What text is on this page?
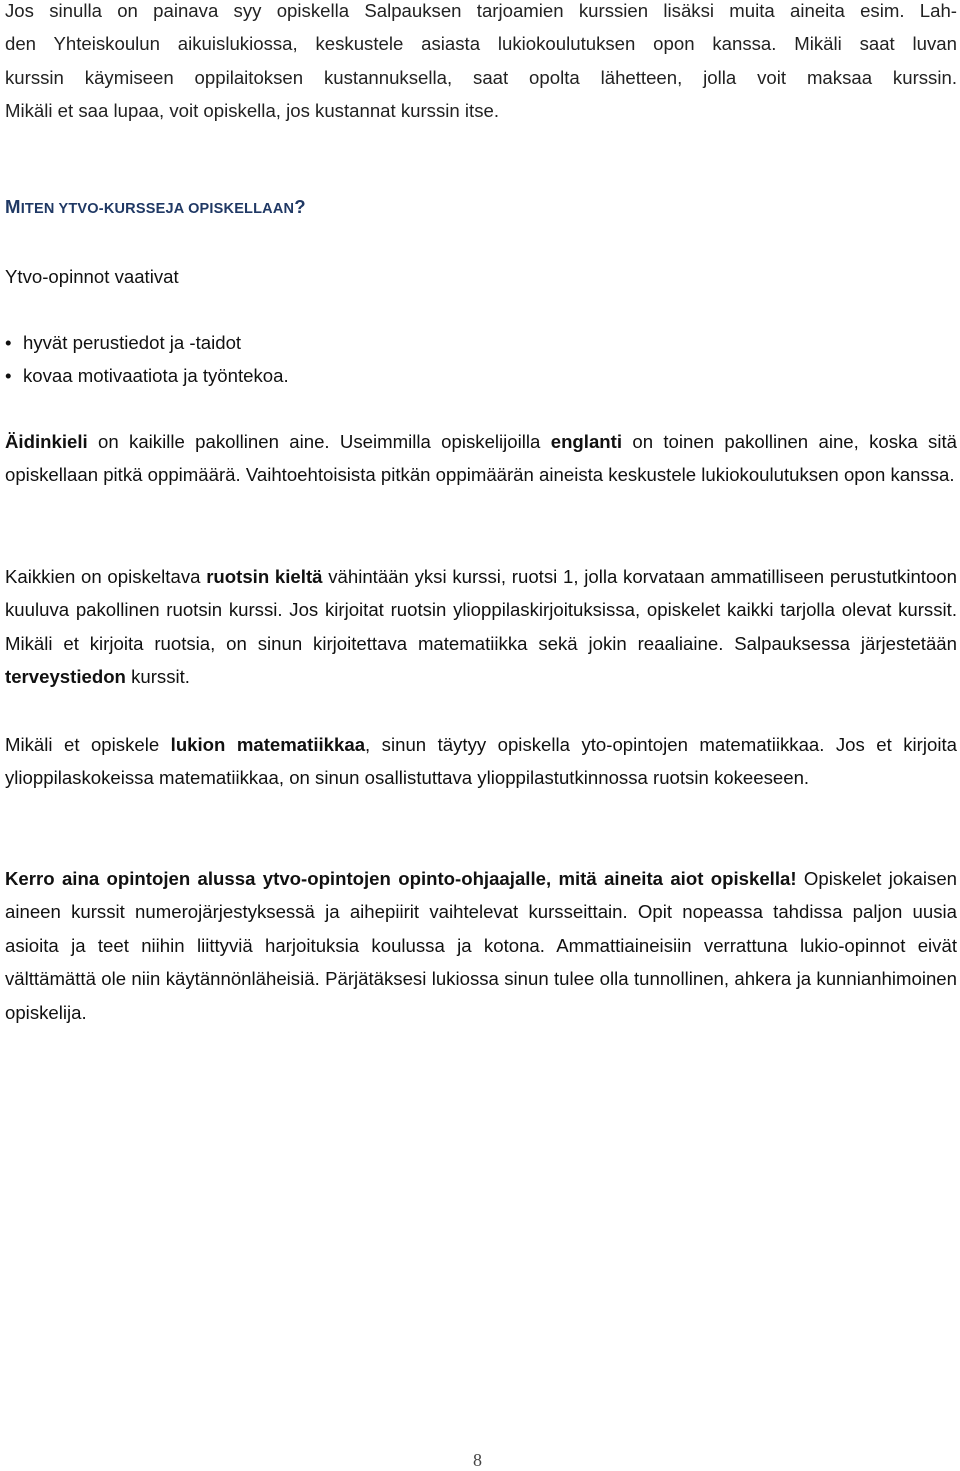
Jos sinulla on painava syy opiskella Salpauksen tarjoamien kurssien lisäksi muita aineita esim. Lah-

den Yhteiskoulun aikuislukiossa, keskustele asiasta lukiokoulutuksen opon kanssa. Mikäli saat luvan

kurssin käymiseen oppilaitoksen kustannuksella, saat opolta lähetteen, jolla voit maksaa kurssin.

Mikäli et saa lupaa, voit opiskella, jos kustannat kurssin itse.

MITEN YTVO-KURSSEJA OPISKELLAAN?

Ytvo-opinnot vaativat

• hyvät perustiedot ja -taidot
• kovaa motivaatiota ja työntekoa.

Äidinkieli on kaikille pakollinen aine. Useimmilla opiskelijoilla englanti on toinen pakollinen aine, koska sitä opiskellaan pitkä oppimäärä. Vaihtoehtoisista pitkän oppimäärän aineista keskustele lukiokoulutuksen opon kanssa.

Kaikkien on opiskeltava ruotsin kieltä vähintään yksi kurssi, ruotsi 1, jolla korvataan ammatilliseen perustutkintoon kuuluva pakollinen ruotsin kurssi. Jos kirjoitat ruotsin ylioppilaskirjoituksissa, opiskelet kaikki tarjolla olevat kurssit. Mikäli et kirjoita ruotsia, on sinun kirjoitettava matematiikka sekä jokin reaaliaine. Salpauksessa järjestetään terveystiedon kurssit.

Mikäli et opiskele lukion matematiikkaa, sinun täytyy opiskella yto-opintojen matematiikkaa. Jos et kirjoita ylioppilaskokeissa matematiikkaa, on sinun osallistuttava ylioppilastutkinnossa ruotsin kokeeseen.

Kerro aina opintojen alussa ytvo-opintojen opinto-ohjaajalle, mitä aineita aiot opiskella! Opiskelet jokaisen aineen kurssit numerojärjestyksessä ja aihepiirit vaihtelevat kursseittain. Opit nopeassa tahdissa paljon uusia asioita ja teet niihin liittyviä harjoituksia koulussa ja kotona. Ammattiaineisiin verrattuna lukio-opinnot eivät välttämättä ole niin käytännönläheisiä. Pärjätäksesi lukiossa sinun tulee olla tunnollinen, ahkera ja kunnianhimoinen opiskelija.

8
